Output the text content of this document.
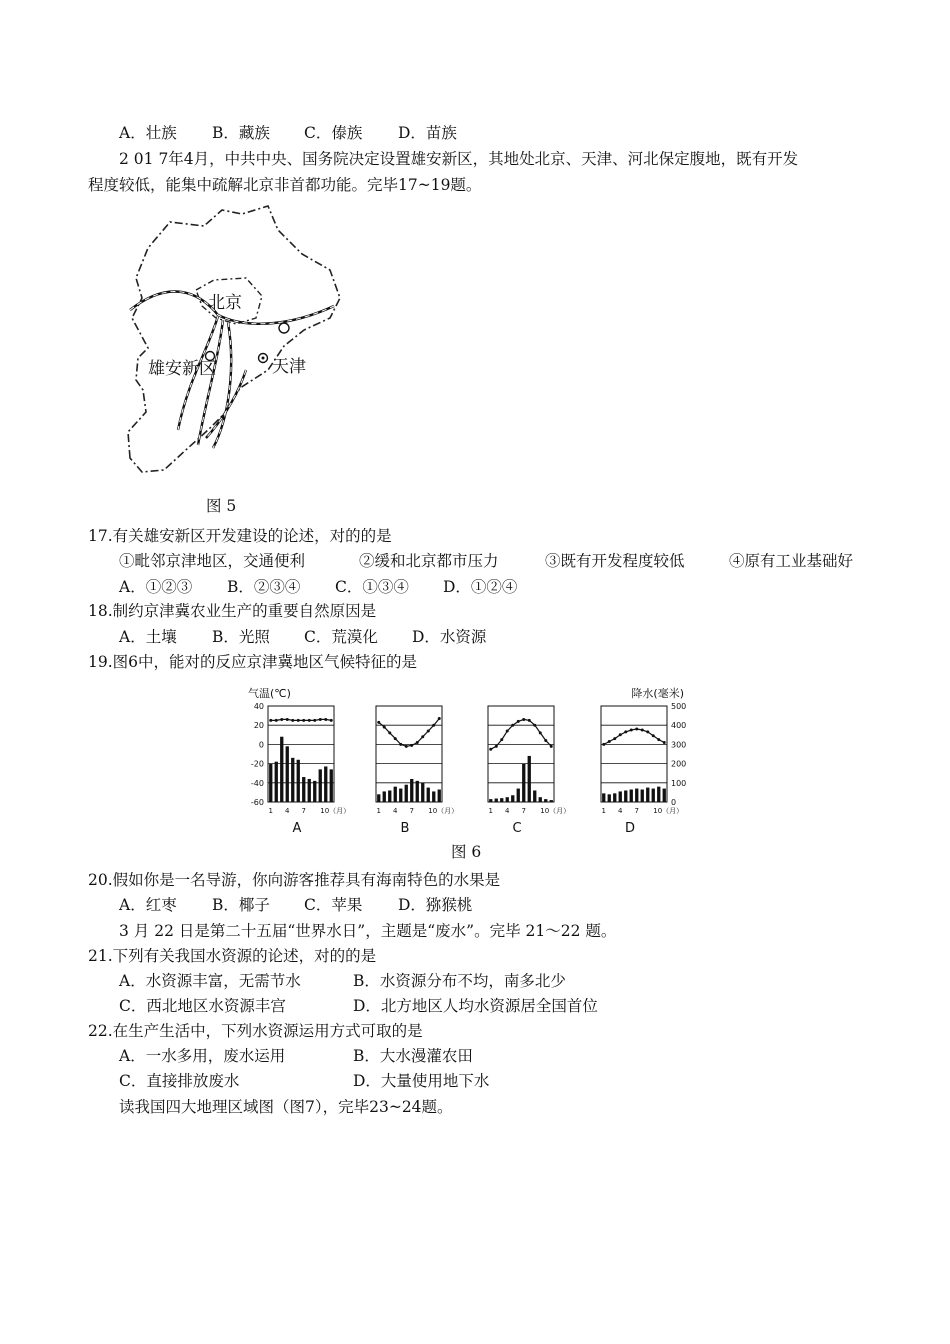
A．壮族 B．藏族 C．傣族 D．苗族
2 01 7年4月，中共中央、国务院决定设置雄安新区，其地处北京、天津、河北保定腹地，既有开发
程度较低，能集中疏解北京非首都功能。完毕17~19题。
北京
雄安新区	天津
图 5
17.有关雄安新区开发建设的论述，对的的是
①毗邻京津地区，交通便利	②缓和北京都市压力	③既有开发程度较低	④原有工业基础好
A．①②③ B．②③④ C．①③④ D．①②④
18.制约京津冀农业生产的重要自然原因是
A．土壤 B．光照 C．荒漠化 D．水资源
19.图6中，能对的反应京津冀地区气候特征的是
气温(℃)	降水(毫米)
40
20
0
-20
-40
-60
1 4 7 10（月）
A
1 4 7 10（月）
B
1 4 7 10（月）
C
500
400
300
200
100
0
1 4 7 10（月）
D
图 6
20.假如你是一名导游，你向游客推荐具有海南特色的水果是
A．红枣 B．椰子 C．苹果 D．猕猴桃
3 月 22 日是第二十五届“世界水日”，主题是“废水”。完毕 21～22 题。
21.下列有关我国水资源的论述，对的的是
A．水资源丰富，无需节水	B．水资源分布不均，南多北少
C．西北地区水资源丰宫	D．北方地区人均水资源居全国首位
22.在生产生活中，下列水资源运用方式可取的是
A．一水多用，废水运用	B．大水漫灌农田
C．直接排放废水	D．大量使用地下水
读我国四大地理区域图（图7），完毕23~24题。
